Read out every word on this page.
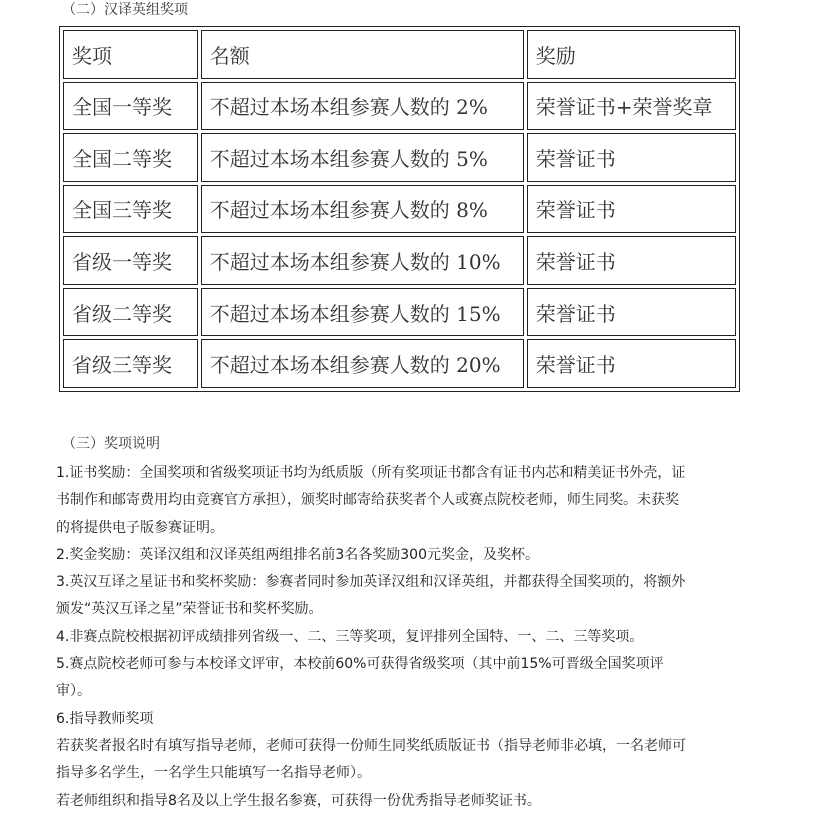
（二）汉译英组奖项
奖项	名额	奖励
全国一等奖	不超过本场本组参赛人数的 2%	荣誉证书+荣誉奖章
全国二等奖	不超过本场本组参赛人数的 5%	荣誉证书
全国三等奖	不超过本场本组参赛人数的 8%	荣誉证书
省级一等奖	不超过本场本组参赛人数的 10%	荣誉证书
省级二等奖	不超过本场本组参赛人数的 15%	荣誉证书
省级三等奖	不超过本场本组参赛人数的 20%	荣誉证书
（三）奖项说明

1.证书奖励：全国奖项和省级奖项证书均为纸质版（所有奖项证书都含有证书内芯和精美证书外壳，证

书制作和邮寄费用均由竞赛官方承担），颁奖时邮寄给获奖者个人或赛点院校老师，师生同奖。未获奖

的将提供电子版参赛证明。

2.奖金奖励：英译汉组和汉译英组两组排名前3名各奖励300元奖金，及奖杯。

3.英汉互译之星证书和奖杯奖励：参赛者同时参加英译汉组和汉译英组，并都获得全国奖项的，将额外

颁发“英汉互译之星”荣誉证书和奖杯奖励。

4.非赛点院校根据初评成绩排列省级一、二、三等奖项，复评排列全国特、一、二、三等奖项。

5.赛点院校老师可参与本校译文评审，本校前60%可获得省级奖项（其中前15%可晋级全国奖项评

审）。

6.指导教师奖项

若获奖者报名时有填写指导老师，老师可获得一份师生同奖纸质版证书（指导老师非必填，一名老师可

指导多名学生，一名学生只能填写一名指导老师）。

若老师组织和指导8名及以上学生报名参赛，可获得一份优秀指导老师奖证书。
